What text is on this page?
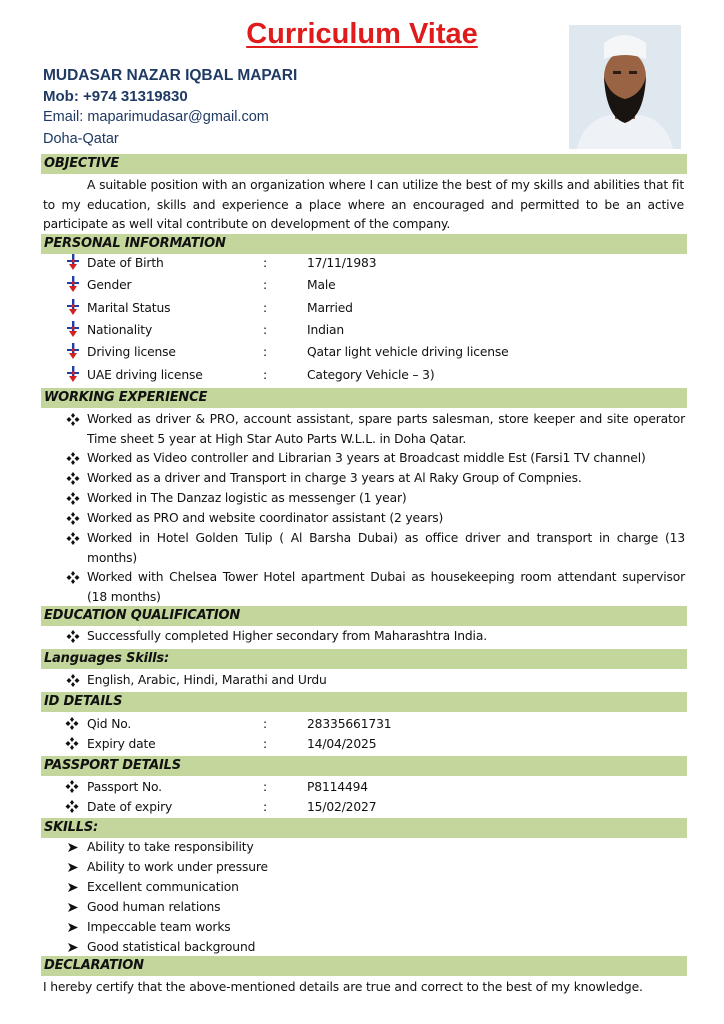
Curriculum Vitae
MUDASAR NAZAR IQBAL MAPARI
Mob: +974 31319830
Email: maparimudasar@gmail.com
Doha-Qatar
OBJECTIVE
A suitable position with an organization where I can utilize the best of my skills and abilities that fit to my education, skills and experience a place where an encouraged and permitted to be an active participate as well vital contribute on development of the company.
PERSONAL INFORMATION
Date of Birth	:	17/11/1983
Gender	:	Male
Marital Status	:	Married
Nationality	:	Indian
Driving license	:	Qatar light vehicle driving license
UAE driving license	:	Category Vehicle – 3)
WORKING EXPERIENCE
Worked as driver & PRO, account assistant, spare parts salesman, store keeper and site operator Time sheet 5 year at High Star Auto Parts W.L.L. in Doha Qatar.
Worked as Video controller and Librarian 3 years at Broadcast middle Est (Farsi1 TV channel)
Worked as a driver and Transport in charge 3 years at Al Raky Group of Compnies.
Worked in The Danzaz logistic as messenger (1 year)
Worked as PRO and website coordinator assistant (2 years)
Worked in Hotel Golden Tulip ( Al Barsha Dubai) as office driver and transport in charge (13 months)
Worked with Chelsea Tower Hotel apartment Dubai as housekeeping room attendant supervisor (18 months)
EDUCATION QUALIFICATION
Successfully completed Higher secondary from Maharashtra India.
Languages Skills:
English, Arabic, Hindi, Marathi and Urdu
ID DETAILS
Qid No.	:	28335661731
Expiry date	:	14/04/2025
PASSPORT DETAILS
Passport No.	:	P8114494
Date of expiry	:	15/02/2027
SKILLS:
Ability to take responsibility
Ability to work under pressure
Excellent communication
Good human relations
Impeccable team works
Good statistical background
DECLARATION
I hereby certify that the above-mentioned details are true and correct to the best of my knowledge.
